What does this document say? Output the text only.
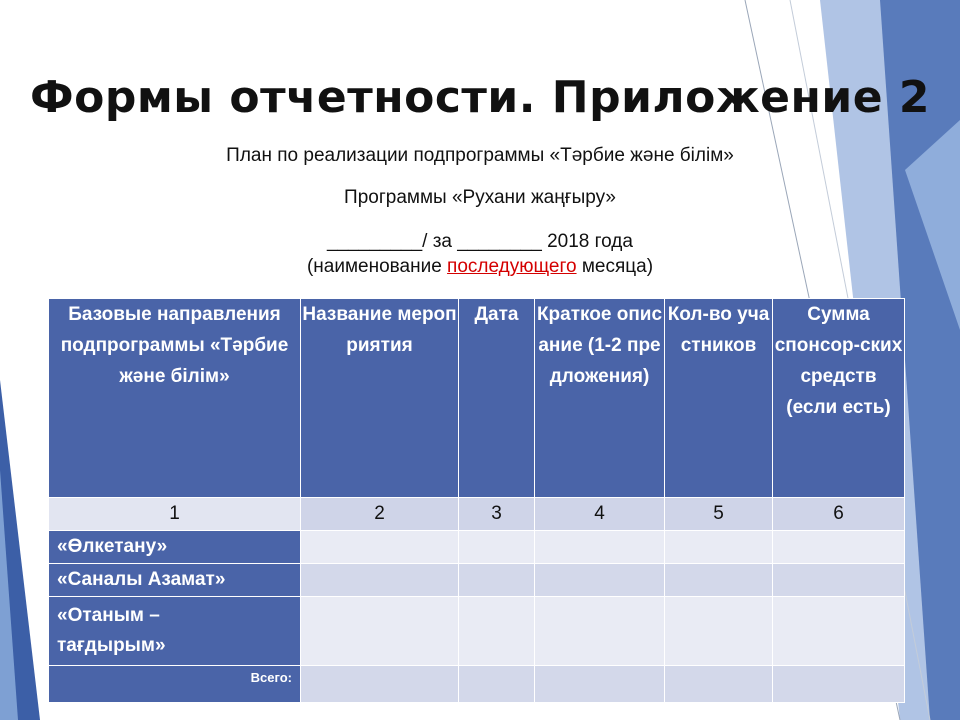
Формы отчетности. Приложение 2
План по реализации подпрограммы «Тәрбие және білім»
Программы «Рухани жаңғыру»
_________/ за ________ 2018 года
(наименование последующего месяца)
Базовые направления подпрограммы «Тәрбие және білім»	Название мероприятия	Дата	Краткое описание (1-2 предложения)	Кол-во участников	Сумма спонсор-ских средств (если есть)
1	2	3	4	5	6
«Өлкетану»					
«Саналы Азамат»					
«Отаным – тағдырым»					
Всего:					
